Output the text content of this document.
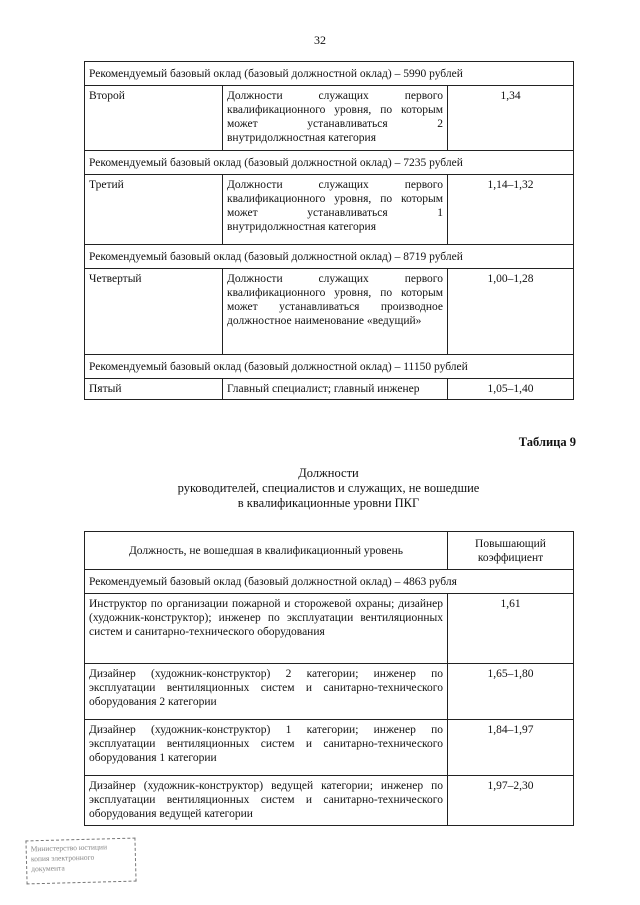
32
Рекомендуемый базовый оклад (базовый должностной оклад) – 5990 рублей		
Второй	Должности служащих первого квалификационного уровня, по которым может устанавливаться 2 внутридолжностная категория	1,34
Рекомендуемый базовый оклад (базовый должностной оклад) – 7235 рублей		
Третий	Должности служащих первого квалификационного уровня, по которым может устанавливаться 1 внутридолжностная категория	1,14–1,32
Рекомендуемый базовый оклад (базовый должностной оклад) – 8719 рублей		
Четвертый	Должности служащих первого квалификационного уровня, по которым может устанавливаться производное должностное наименование «ведущий»	1,00–1,28
Рекомендуемый базовый оклад (базовый должностной оклад) – 11150 рублей		
Пятый	Главный специалист; главный инженер	1,05–1,40
Таблица 9
Должности
руководителей, специалистов и служащих, не вошедшие
в квалификационные уровни ПКГ
Должность, не вошедшая в квалификационный уровень	Повышающий коэффициент
Рекомендуемый базовый оклад (базовый должностной оклад) – 4863 рубля	
Инструктор по организации пожарной и сторожевой охраны; дизайнер (художник-конструктор); инженер по эксплуатации вентиляционных систем и санитарно-технического оборудования	1,61
Дизайнер (художник-конструктор) 2 категории; инженер по эксплуатации вентиляционных систем и санитарно-технического оборудования 2 категории	1,65–1,80
Дизайнер (художник-конструктор) 1 категории; инженер по эксплуатации вентиляционных систем и санитарно-технического оборудования 1 категории	1,84–1,97
Дизайнер (художник-конструктор) ведущей категории; инженер по эксплуатации вентиляционных систем и санитарно-технического оборудования ведущей категории	1,97–2,30
Министерство юстиции
копия электронного
документа
